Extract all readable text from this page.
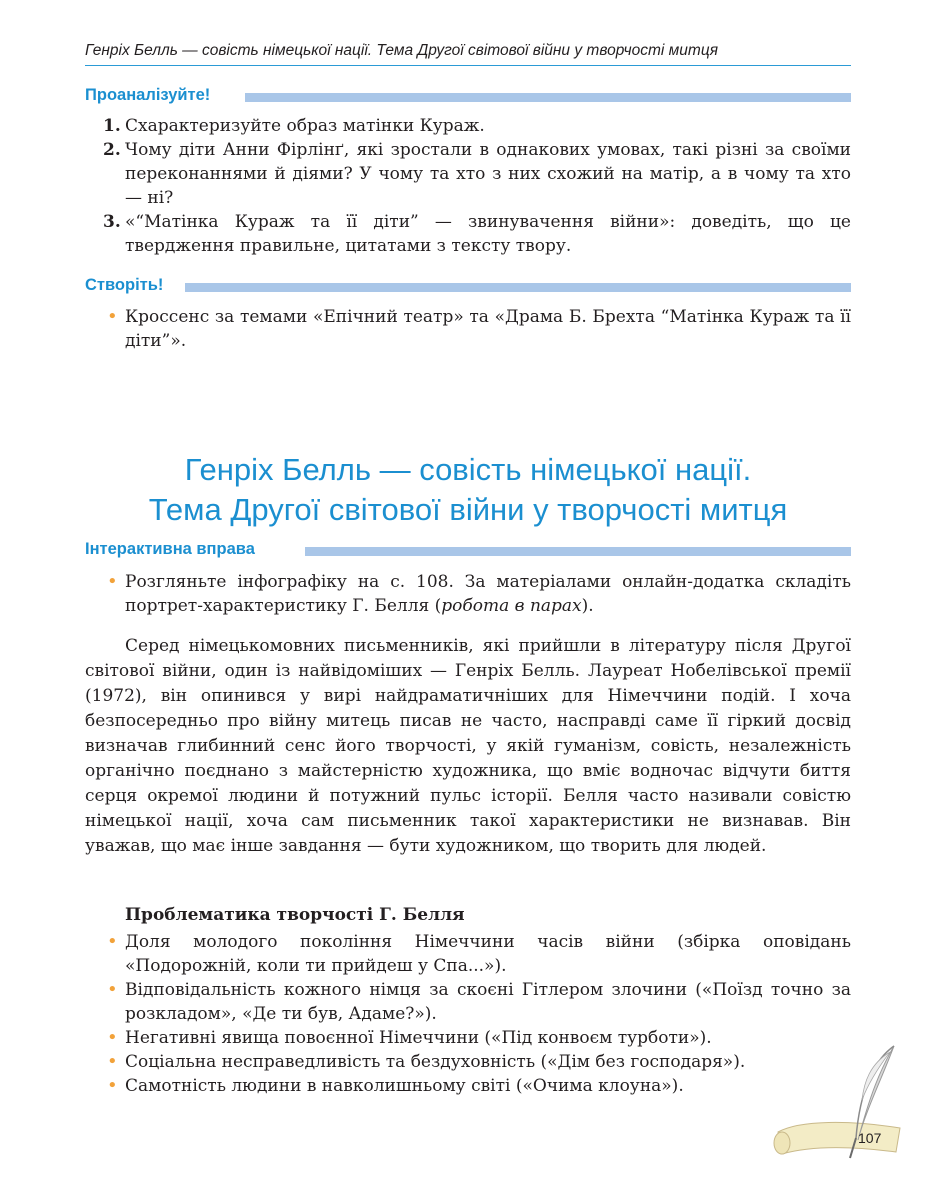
Генріх Белль — совість німецької нації. Тема Другої світової війни у творчості митця
Проаналізуйте!
1. Схарактеризуйте образ матінки Кураж.
2. Чому діти Анни Фірлінґ, які зростали в однакових умовах, такі різні за своїми переконаннями й діями? У чому та хто з них схожий на матір, а в чому та хто — ні?
3. «“Матінка Кураж та її діти” — звинувачення війни»: доведіть, що це твердження правильне, цитатами з тексту твору.
Створіть!
• Кроссенс за темами «Епічний театр» та «Драма Б. Брехта “Матінка Кураж та її діти”».
Генріх Белль — совість німецької нації.
Тема Другої світової війни у творчості митця
Інтерактивна вправа
• Розгляньте інфографіку на с. 108. За матеріалами онлайн-додатка складіть портрет-характеристику Г. Белля (робота в парах).
Серед німецькомовних письменників, які прийшли в літературу після Другої світової війни, один із найвідоміших — Генріх Белль. Лауреат Нобелівської премії (1972), він опинився у вирі найдраматичніших для Німеччини подій. І хоча безпосередньо про війну митець писав не часто, насправді саме її гіркий досвід визначав глибинний сенс його творчості, у якій гуманізм, совість, незалежність органічно поєднано з майстерністю художника, що вміє водночас відчути биття серця окремої людини й потужний пульс історії. Белля часто називали совістю німецької нації, хоча сам письменник такої характеристики не визнавав. Він уважав, що має інше завдання — бути художником, що творить для людей.
Проблематика творчості Г. Белля
• Доля молодого покоління Німеччини часів війни (збірка оповідань «Подорожній, коли ти прийдеш у Спа...»).
• Відповідальність кожного німця за скоєні Гітлером злочини («Поїзд точно за розкладом», «Де ти був, Адаме?»).
• Негативні явища повоєнної Німеччини («Під конвоєм турботи»).
• Соціальна несправедливість та бездуховність («Дім без господаря»).
• Самотність людини в навколишньому світі («Очима клоуна»).
107
